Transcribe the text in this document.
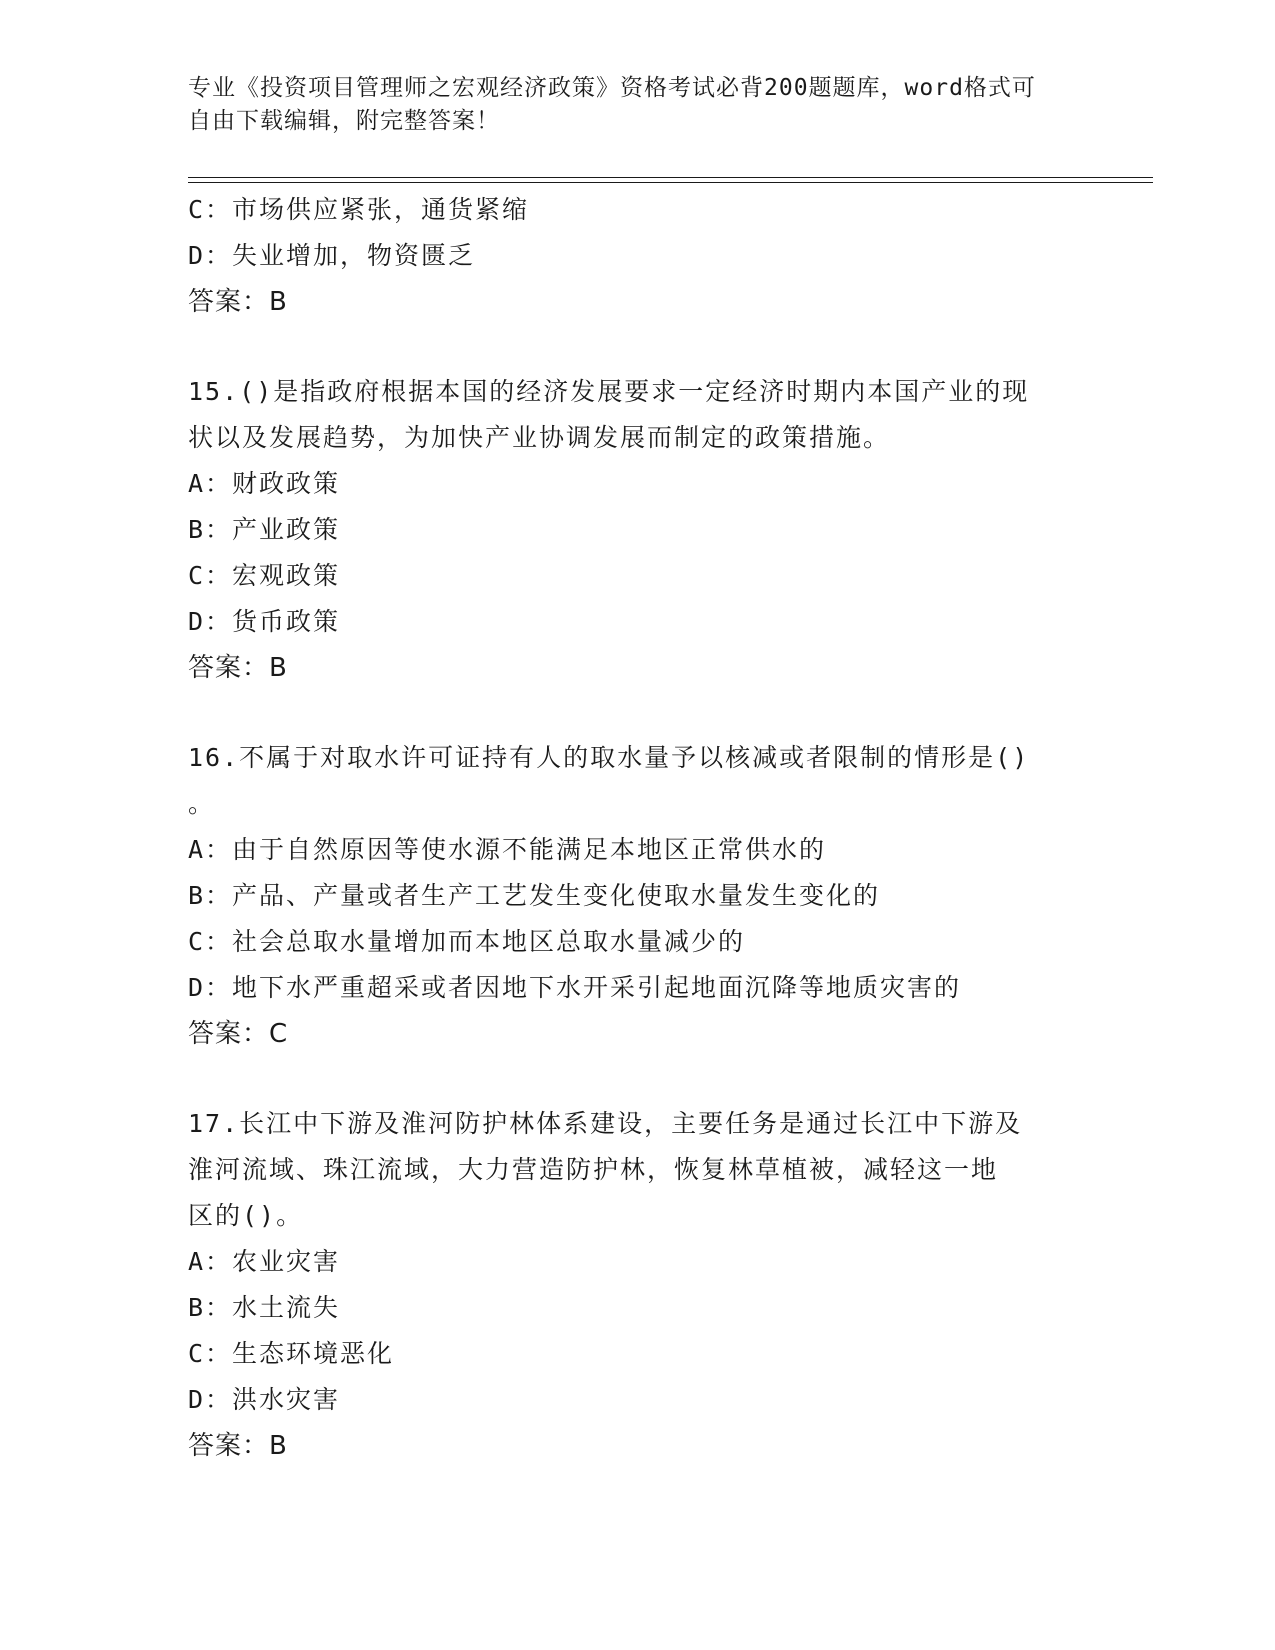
专业《投资项目管理师之宏观经济政策》资格考试必背200题题库，word格式可
自由下载编辑，附完整答案！
C：市场供应紧张，通货紧缩
D：失业增加，物资匮乏
答案：B
15.()是指政府根据本国的经济发展要求一定经济时期内本国产业的现
状以及发展趋势，为加快产业协调发展而制定的政策措施。
A：财政政策
B：产业政策
C：宏观政策
D：货币政策
答案：B
16.不属于对取水许可证持有人的取水量予以核减或者限制的情形是()
。
A：由于自然原因等使水源不能满足本地区正常供水的
B：产品、产量或者生产工艺发生变化使取水量发生变化的
C：社会总取水量增加而本地区总取水量减少的
D：地下水严重超采或者因地下水开采引起地面沉降等地质灾害的
答案：C
17.长江中下游及淮河防护林体系建设，主要任务是通过长江中下游及
淮河流域、珠江流域，大力营造防护林，恢复林草植被，减轻这一地
区的()。
A：农业灾害
B：水土流失
C：生态环境恶化
D：洪水灾害
答案：B
